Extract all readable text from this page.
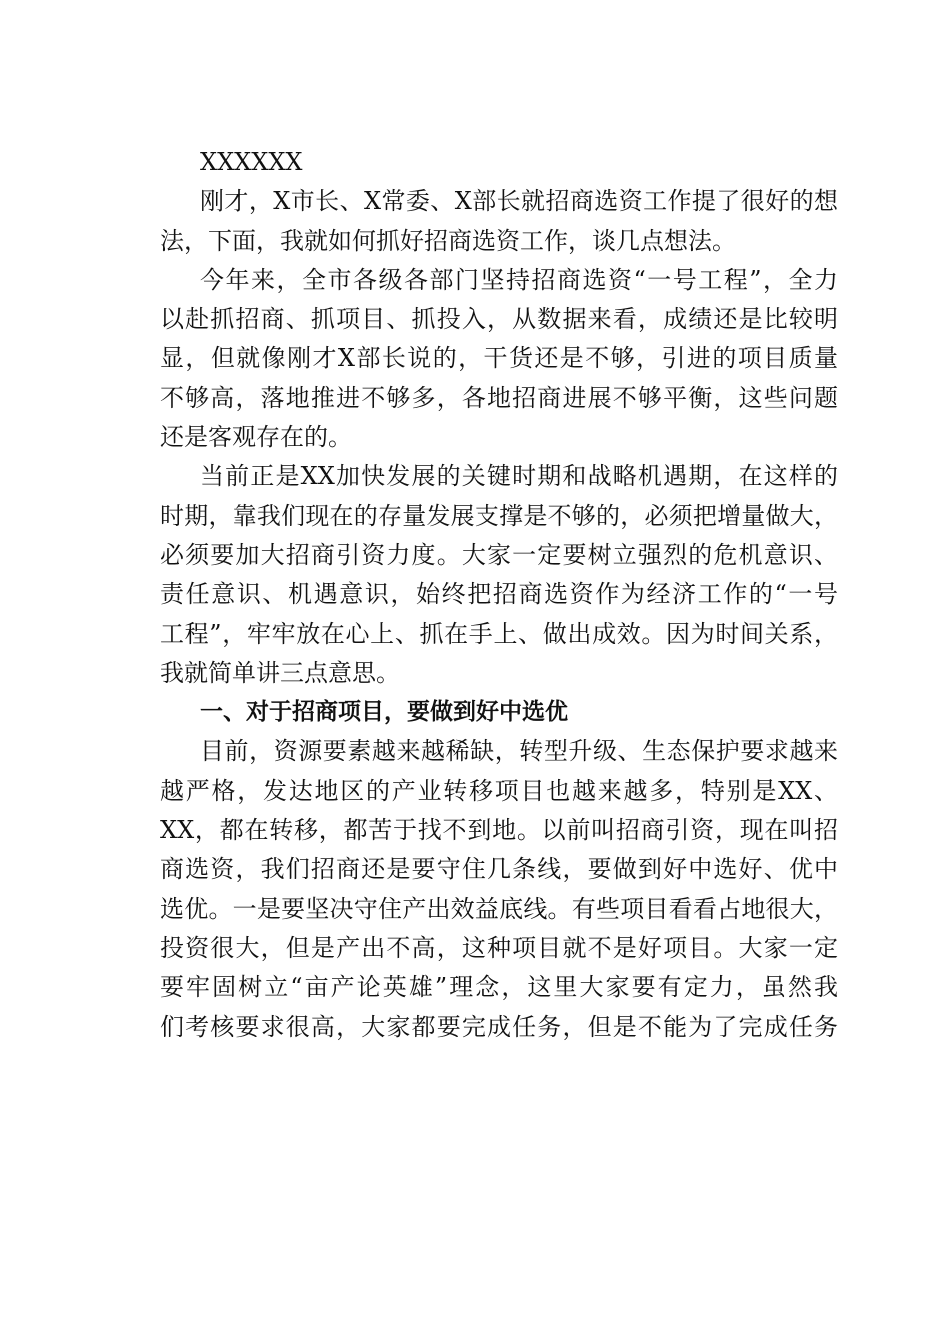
XXXXXX

刚才，X市长、X常委、X部长就招商选资工作提了很好的想
法，下面，我就如何抓好招商选资工作，谈几点想法。

今年来，全市各级各部门坚持招商选资“一号工程”，全力
以赴抓招商、抓项目、抓投入，从数据来看，成绩还是比较明
显，但就像刚才X部长说的，干货还是不够，引进的项目质量
不够高，落地推进不够多，各地招商进展不够平衡，这些问题
还是客观存在的。

当前正是XX加快发展的关键时期和战略机遇期，在这样的
时期，靠我们现在的存量发展支撑是不够的，必须把增量做大，
必须要加大招商引资力度。大家一定要树立强烈的危机意识、
责任意识、机遇意识，始终把招商选资作为经济工作的“一号
工程”，牢牢放在心上、抓在手上、做出成效。因为时间关系，
我就简单讲三点意思。

一、对于招商项目，要做到好中选优

目前，资源要素越来越稀缺，转型升级、生态保护要求越来
越严格，发达地区的产业转移项目也越来越多，特别是XX、
XX，都在转移，都苦于找不到地。以前叫招商引资，现在叫招
商选资，我们招商还是要守住几条线，要做到好中选好、优中
选优。一是要坚决守住产出效益底线。有些项目看看占地很大，
投资很大，但是产出不高，这种项目就不是好项目。大家一定
要牢固树立“亩产论英雄”理念，这里大家要有定力，虽然我
们考核要求很高，大家都要完成任务，但是不能为了完成任务
